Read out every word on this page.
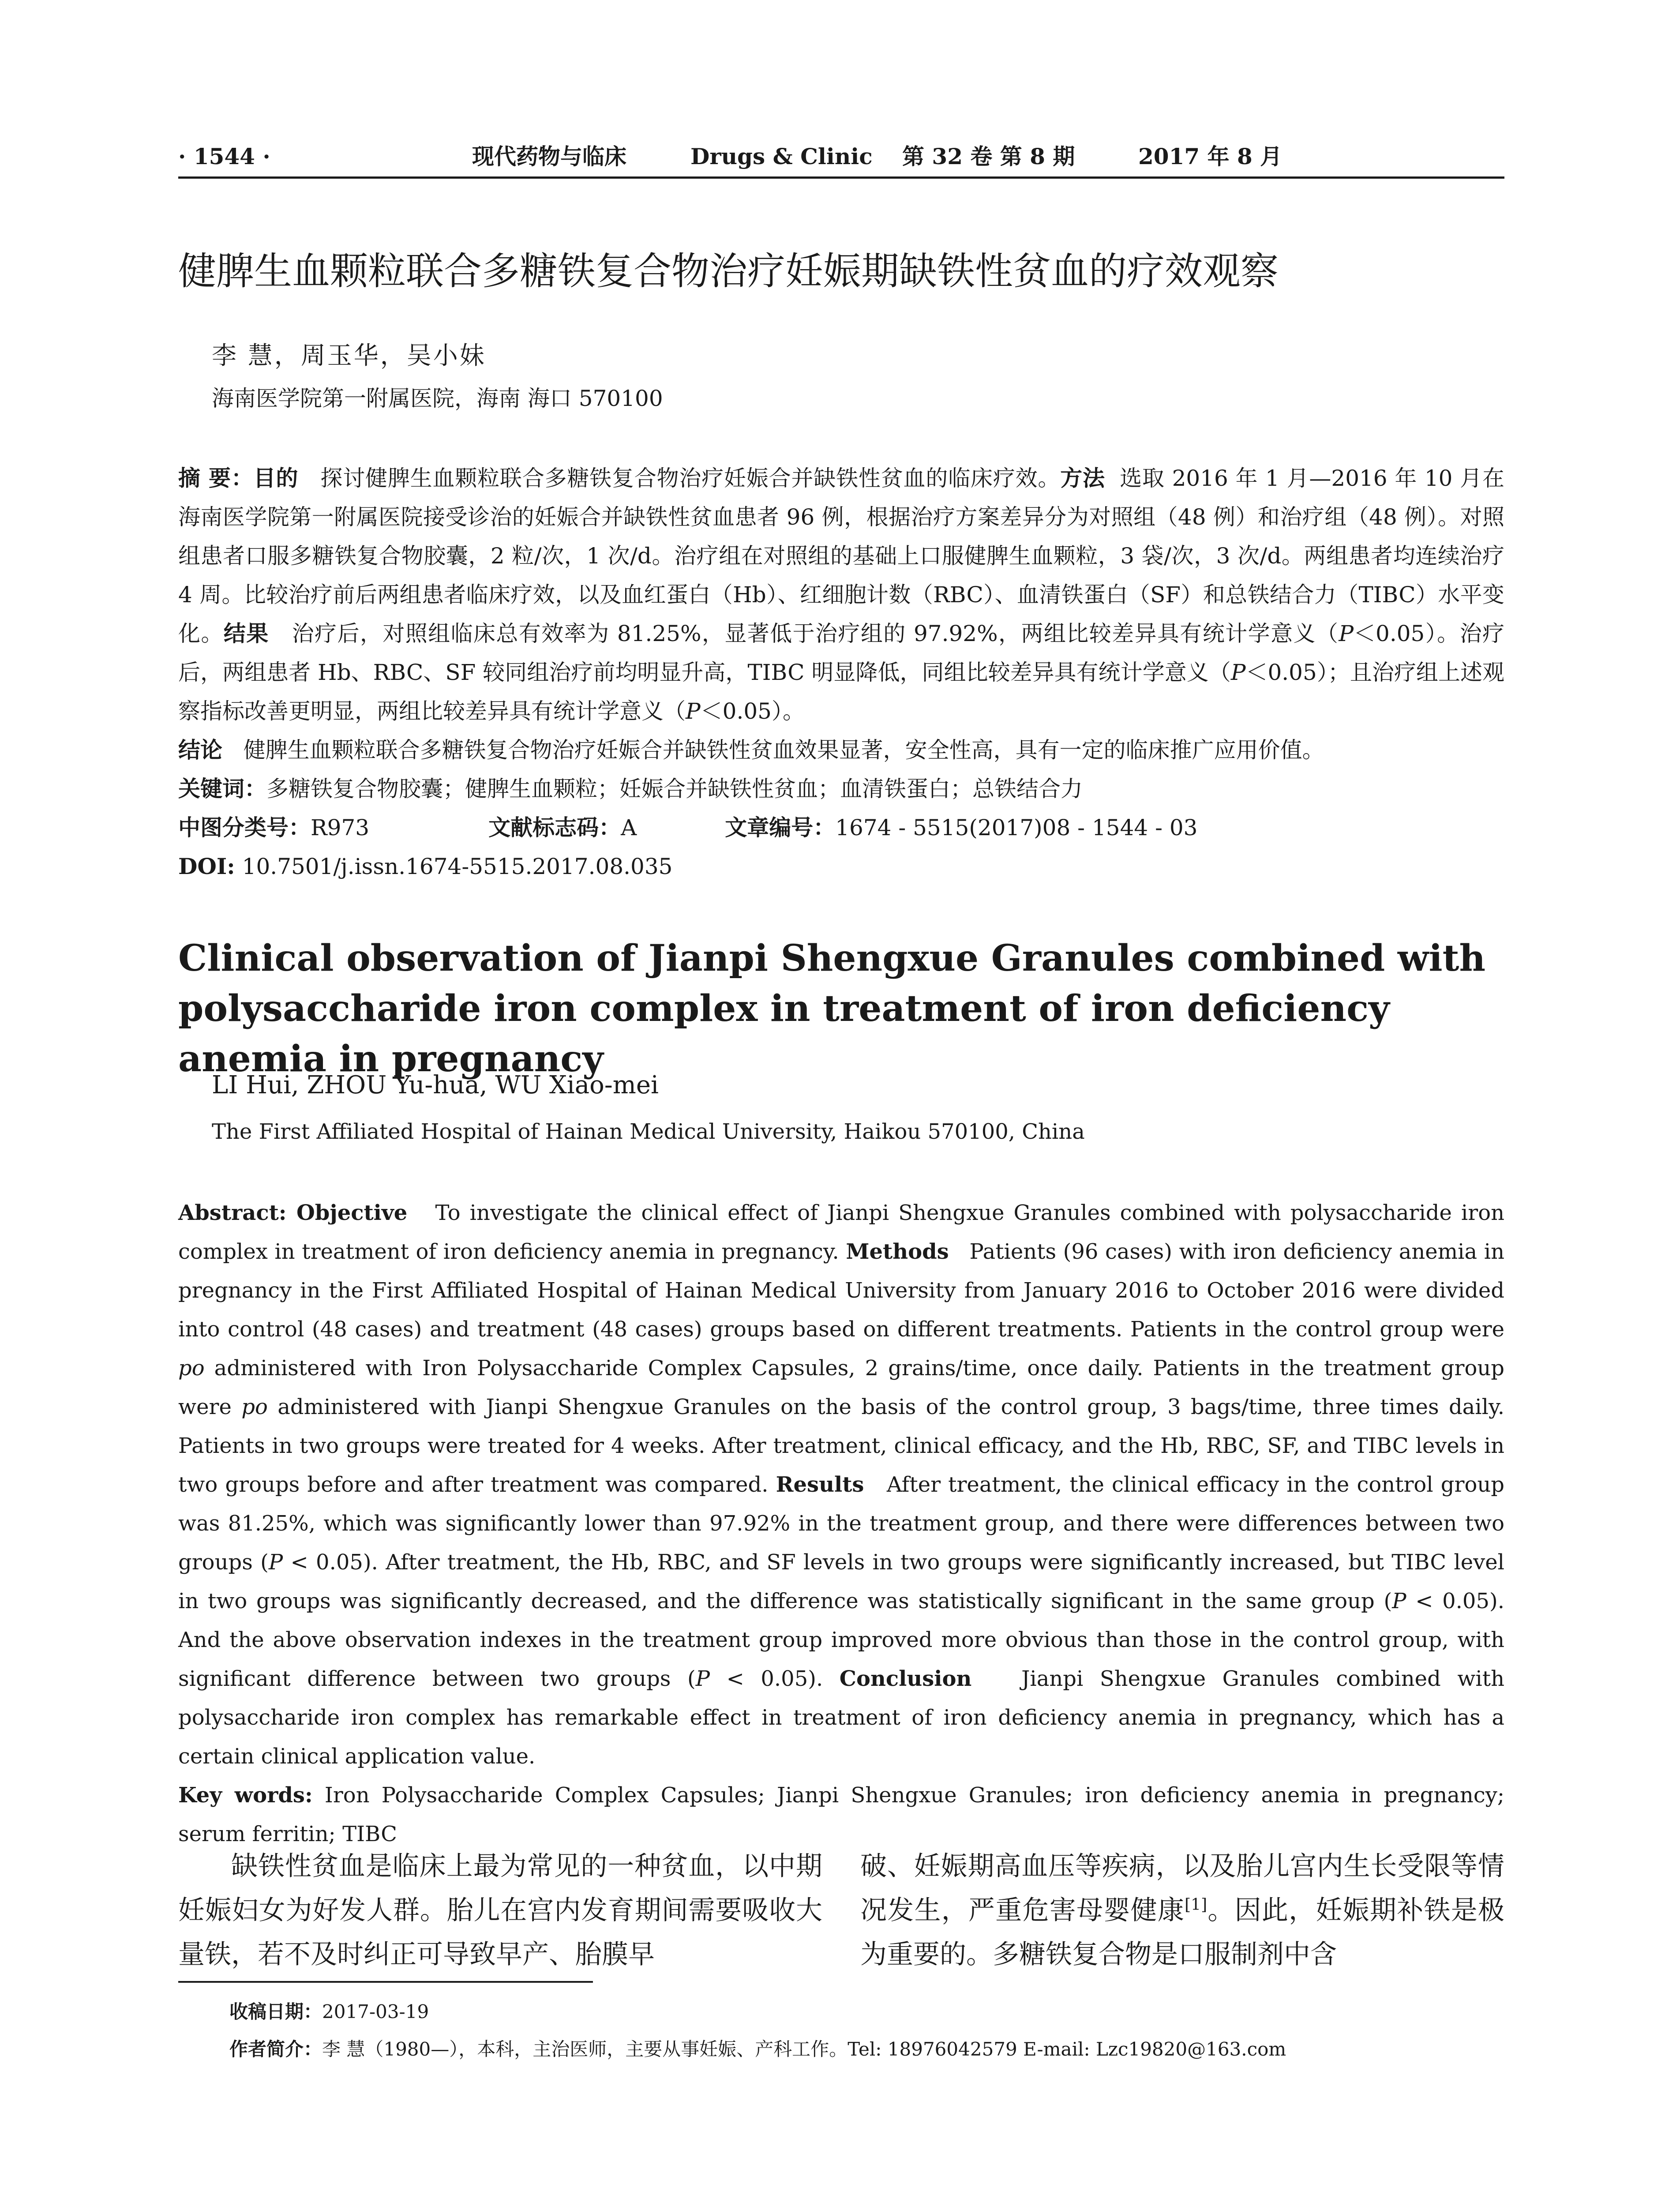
· 1544 ·	现代药物与临床	Drugs & Clinic 第 32 卷 第 8 期	2017 年 8 月
健脾生血颗粒联合多糖铁复合物治疗妊娠期缺铁性贫血的疗效观察
李 慧，周玉华，吴小妹
海南医学院第一附属医院，海南 海口 570100
摘 要：目的 探讨健脾生血颗粒联合多糖铁复合物治疗妊娠合并缺铁性贫血的临床疗效。方法 选取 2016 年 1 月—2016 年 10 月在海南医学院第一附属医院接受诊治的妊娠合并缺铁性贫血患者 96 例，根据治疗方案差异分为对照组（48 例）和治疗组（48 例）。对照组患者口服多糖铁复合物胶囊，2 粒/次，1 次/d。治疗组在对照组的基础上口服健脾生血颗粒，3 袋/次，3 次/d。两组患者均连续治疗 4 周。比较治疗前后两组患者临床疗效，以及血红蛋白（Hb）、红细胞计数（RBC）、血清铁蛋白（SF）和总铁结合力（TIBC）水平变化。结果 治疗后，对照组临床总有效率为 81.25%，显著低于治疗组的 97.92%，两组比较差异具有统计学意义（P＜0.05）。治疗后，两组患者 Hb、RBC、SF 较同组治疗前均明显升高，TIBC 明显降低，同组比较差异具有统计学意义（P＜0.05）；且治疗组上述观察指标改善更明显，两组比较差异具有统计学意义（P＜0.05）。
结论 健脾生血颗粒联合多糖铁复合物治疗妊娠合并缺铁性贫血效果显著，安全性高，具有一定的临床推广应用价值。
关键词：多糖铁复合物胶囊；健脾生血颗粒；妊娠合并缺铁性贫血；血清铁蛋白；总铁结合力
中图分类号：R973	文献标志码：A	文章编号：1674 - 5515(2017)08 - 1544 - 03
DOI: 10.7501/j.issn.1674-5515.2017.08.035
Clinical observation of Jianpi Shengxue Granules combined with polysaccharide iron complex in treatment of iron deficiency anemia in pregnancy
LI Hui, ZHOU Yu-hua, WU Xiao-mei
The First Affiliated Hospital of Hainan Medical University, Haikou 570100, China
Abstract: Objective To investigate the clinical effect of Jianpi Shengxue Granules combined with polysaccharide iron complex in treatment of iron deficiency anemia in pregnancy. Methods Patients (96 cases) with iron deficiency anemia in pregnancy in the First Affiliated Hospital of Hainan Medical University from January 2016 to October 2016 were divided into control (48 cases) and treatment (48 cases) groups based on different treatments. Patients in the control group were po administered with Iron Polysaccharide Complex Capsules, 2 grains/time, once daily. Patients in the treatment group were po administered with Jianpi Shengxue Granules on the basis of the control group, 3 bags/time, three times daily. Patients in two groups were treated for 4 weeks. After treatment, clinical efficacy, and the Hb, RBC, SF, and TIBC levels in two groups before and after treatment was compared. Results After treatment, the clinical efficacy in the control group was 81.25%, which was significantly lower than 97.92% in the treatment group, and there were differences between two groups (P < 0.05). After treatment, the Hb, RBC, and SF levels in two groups were significantly increased, but TIBC level in two groups was significantly decreased, and the difference was statistically significant in the same group (P < 0.05). And the above observation indexes in the treatment group improved more obvious than those in the control group, with significant difference between two groups (P < 0.05). Conclusion Jianpi Shengxue Granules combined with polysaccharide iron complex has remarkable effect in treatment of iron deficiency anemia in pregnancy, which has a certain clinical application value.
Key words: Iron Polysaccharide Complex Capsules; Jianpi Shengxue Granules; iron deficiency anemia in pregnancy; serum ferritin; TIBC
缺铁性贫血是临床上最为常见的一种贫血，以中期妊娠妇女为好发人群。胎儿在宫内发育期间需要吸收大量铁，若不及时纠正可导致早产、胎膜早
破、妊娠期高血压等疾病，以及胎儿宫内生长受限等情况发生，严重危害母婴健康[1]。因此，妊娠期补铁是极为重要的。多糖铁复合物是口服制剂中含
收稿日期：2017-03-19
作者简介：李 慧（1980—），本科，主治医师，主要从事妊娠、产科工作。Tel: 18976042579 E-mail: Lzc19820@163.com
